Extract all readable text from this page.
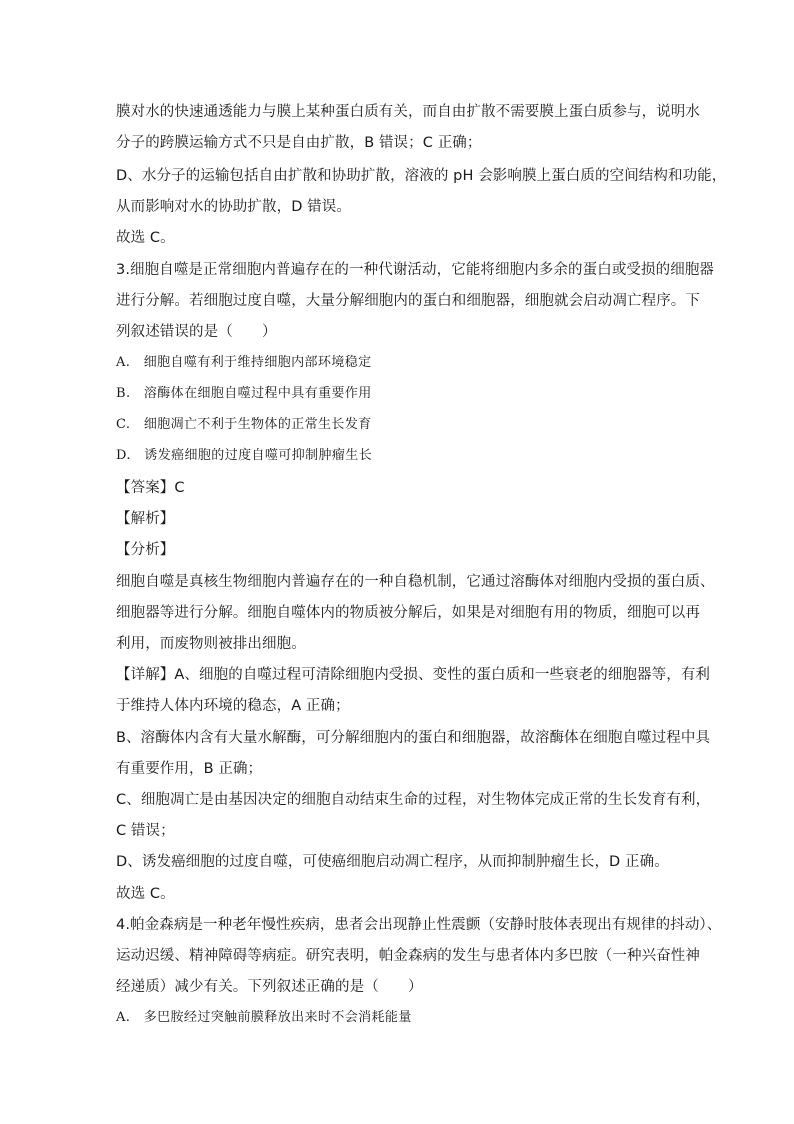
膜对水的快速通透能力与膜上某种蛋白质有关，而自由扩散不需要膜上蛋白质参与，说明水
分子的跨膜运输方式不只是自由扩散，B 错误；C 正确；
D、水分子的运输包括自由扩散和协助扩散，溶液的 pH 会影响膜上蛋白质的空间结构和功能，
从而影响对水的协助扩散，D 错误。
故选 C。
3.细胞自噬是正常细胞内普遍存在的一种代谢活动，它能将细胞内多余的蛋白或受损的细胞器
进行分解。若细胞过度自噬，大量分解细胞内的蛋白和细胞器，细胞就会启动凋亡程序。下
列叙述错误的是（　　）
A.　细胞自噬有利于维持细胞内部环境稳定
B.　溶酶体在细胞自噬过程中具有重要作用
C.　细胞凋亡不利于生物体的正常生长发育
D.　诱发癌细胞的过度自噬可抑制肿瘤生长
【答案】C
【解析】
【分析】
细胞自噬是真核生物细胞内普遍存在的一种自稳机制，它通过溶酶体对细胞内受损的蛋白质、
细胞器等进行分解。细胞自噬体内的物质被分解后，如果是对细胞有用的物质，细胞可以再
利用，而废物则被排出细胞。
【详解】A、细胞的自噬过程可清除细胞内受损、变性的蛋白质和一些衰老的细胞器等，有利
于维持人体内环境的稳态，A 正确；
B、溶酶体内含有大量水解酶，可分解细胞内的蛋白和细胞器，故溶酶体在细胞自噬过程中具
有重要作用，B 正确；
C、细胞凋亡是由基因决定的细胞自动结束生命的过程，对生物体完成正常的生长发育有利，
C 错误；
D、诱发癌细胞的过度自噬，可使癌细胞启动凋亡程序，从而抑制肿瘤生长，D 正确。
故选 C。
4.帕金森病是一种老年慢性疾病，患者会出现静止性震颤（安静时肢体表现出有规律的抖动）、
运动迟缓、精神障碍等病症。研究表明，帕金森病的发生与患者体内多巴胺（一种兴奋性神
经递质）减少有关。下列叙述正确的是（　　）
A.　多巴胺经过突触前膜释放出来时不会消耗能量
